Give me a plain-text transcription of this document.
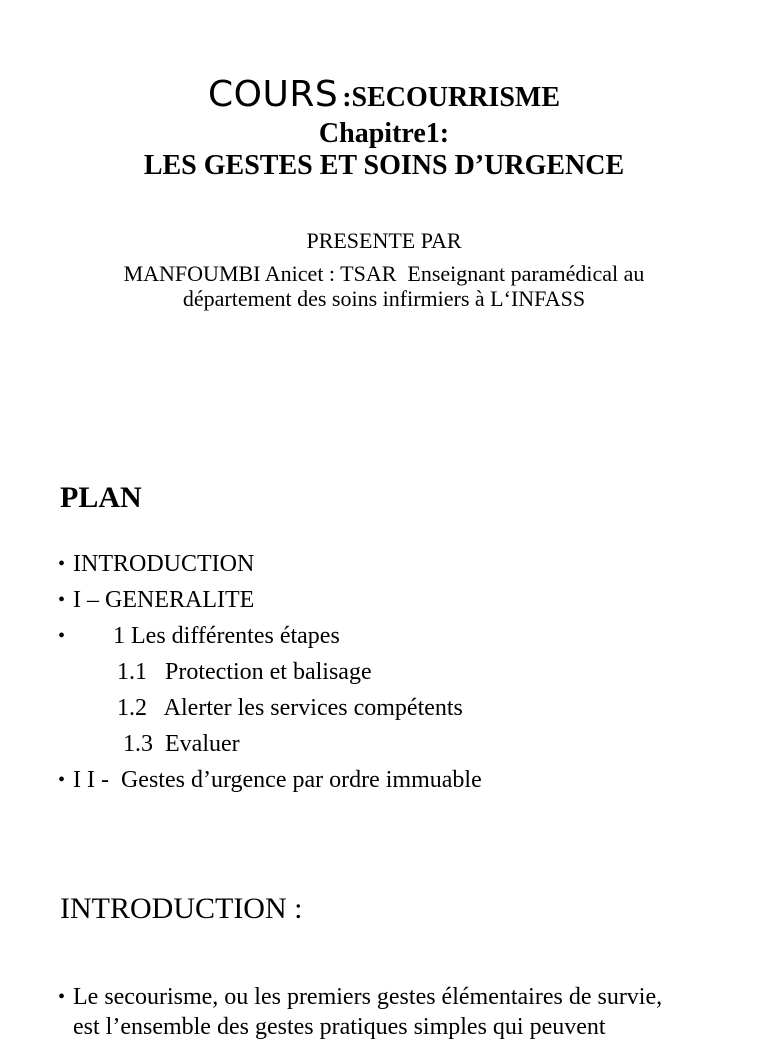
COURS :SECOURRISME
Chapitre1:
LES GESTES ET SOINS D’URGENCE
PRESENTE PAR
MANFOUMBI Anicet : TSAR  Enseignant paramédical au
département des soins infirmiers à L‘INFASS
PLAN
• INTRODUCTION
• I – GENERALITE
• 1 Les différentes étapes
1.1   Protection et balisage
1.2   Alerter les services compétents
1.3  Evaluer
• I I -  Gestes d’urgence par ordre immuable
INTRODUCTION :
• Le secourisme, ou les premiers gestes élémentaires de survie,
est l’ensemble des gestes pratiques simples qui peuvent
